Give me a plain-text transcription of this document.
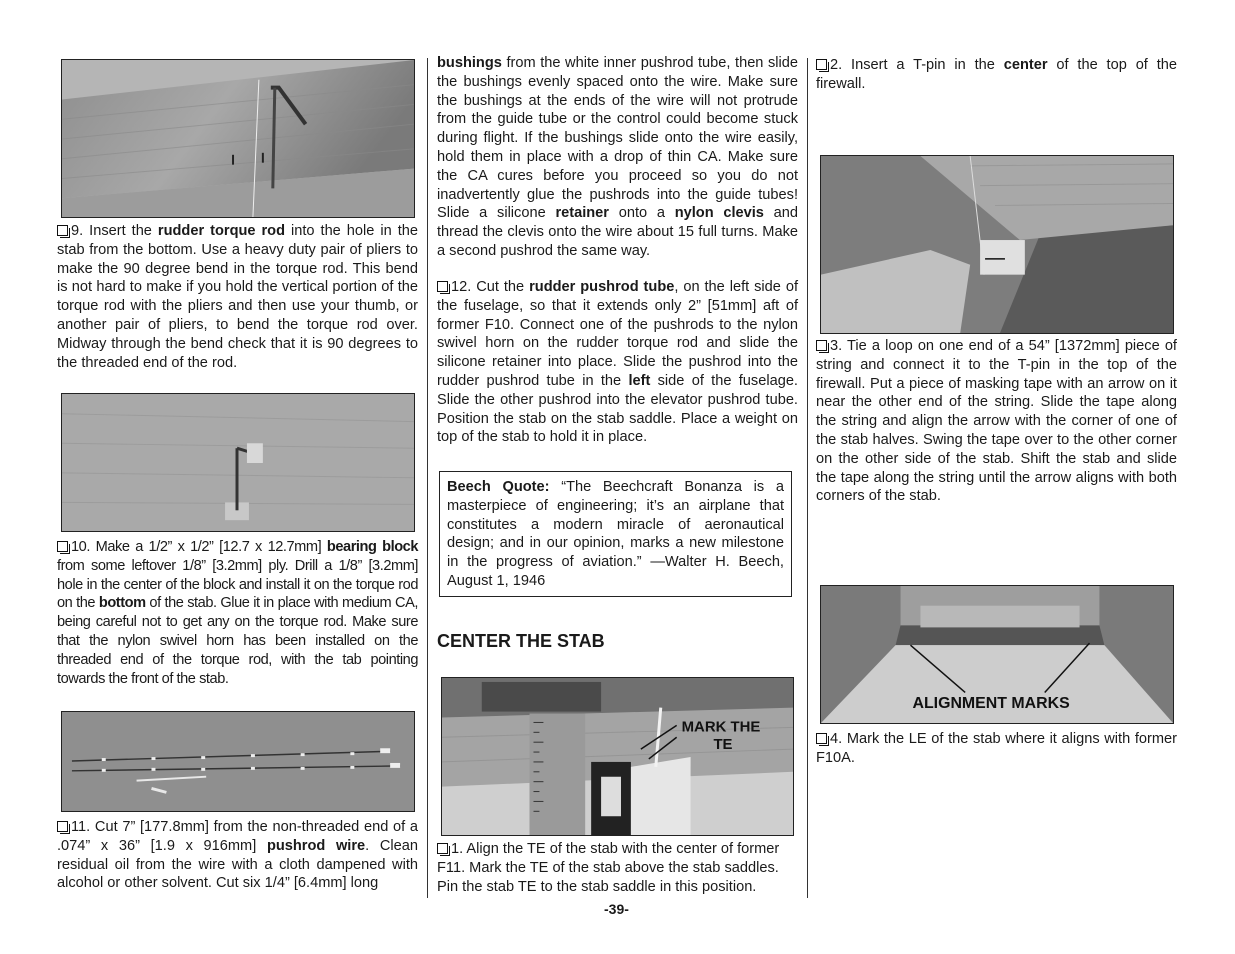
9. Insert the rudder torque rod into the hole in the stab from the bottom. Use a heavy duty pair of pliers to make the 90 degree bend in the torque rod. This bend is not hard to make if you hold the vertical portion of the torque rod with the pliers and then use your thumb, or another pair of pliers, to bend the torque rod over. Midway through the bend check that it is 90 degrees to the threaded end of the rod.

10. Make a 1/2” x 1/2” [12.7 x 12.7mm] bearing block from some leftover 1/8” [3.2mm] ply. Drill a 1/8” [3.2mm] hole in the center of the block and install it on the torque rod on the bottom of the stab. Glue it in place with medium CA, being careful not to get any on the torque rod. Make sure that the nylon swivel horn has been installed on the threaded end of the torque rod, with the tab pointing towards the front of the stab.

11. Cut 7” [177.8mm] from the non-threaded end of a .074” x 36” [1.9 x 916mm] pushrod wire. Clean residual oil from the wire with a cloth dampened with alcohol or other solvent. Cut six 1/4” [6.4mm] long

bushings from the white inner pushrod tube, then slide the bushings evenly spaced onto the wire. Make sure the bushings at the ends of the wire will not protrude from the guide tube or the control could become stuck during flight. If the bushings slide onto the wire easily, hold them in place with a drop of thin CA. Make sure the CA cures before you proceed so you do not inadvertently glue the pushrods into the guide tubes! Slide a silicone retainer onto a nylon clevis and thread the clevis onto the wire about 15 full turns. Make a second pushrod the same way.

12. Cut the rudder pushrod tube, on the left side of the fuselage, so that it extends only 2” [51mm] aft of former F10. Connect one of the pushrods to the nylon swivel horn on the rudder torque rod and slide the silicone retainer into place. Slide the pushrod into the rudder pushrod tube in the left side of the fuselage. Slide the other pushrod into the elevator pushrod tube. Position the stab on the stab saddle. Place a weight on top of the stab to hold it in place.

Beech Quote: “The Beechcraft Bonanza is a masterpiece of engineering; it’s an airplane that constitutes a modern miracle of aeronautical design; and in our opinion, marks a new milestone in the progress of aviation.” —Walter H. Beech, August 1, 1946
CENTER THE STAB
MARK THE
TE

1. Align the TE of the stab with the center of former F11. Mark the TE of the stab above the stab saddles. Pin the stab TE to the stab saddle in this position.

-39-

2. Insert a T-pin in the center of the top of the firewall.

3. Tie a loop on one end of a 54” [1372mm] piece of string and connect it to the T-pin in the top of the firewall. Put a piece of masking tape with an arrow on it near the other end of the string. Slide the tape along the string and align the arrow with the corner of one of the stab halves. Swing the tape over to the other corner on the other side of the stab. Shift the stab and slide the tape along the string until the arrow aligns with both corners of the stab.

ALIGNMENT MARKS

4. Mark the LE of the stab where it aligns with former F10A.
